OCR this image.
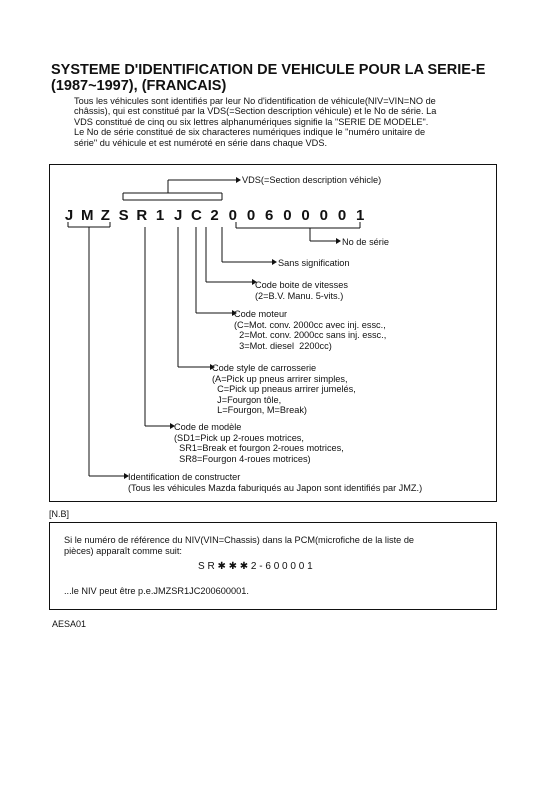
SYSTEME D'IDENTIFICATION DE VEHICULE POUR LA SERIE-E (1987~1997), (FRANCAIS)
Tous les véhicules sont identifiés par leur No d'identification de véhicule(NIV=VIN=NO de
châssis), qui est constitué par la VDS(=Section description véhicule) et le No de série. La
VDS constitué de cinq ou six lettres alphanumériques signifie la "SERIE DE MODELE".
Le No de série constitué de six characteres numériques indique le "numéro unitaire de
série" du véhicule et est numéroté en série dans chaque VDS.
J M Z S R 1 J C 2 0 0 6 0 0 0 0 1
VDS(=Section description véhicle)
No de série
Sans signification
Code boite de vitesses
(2=B.V. Manu. 5-vits.)
Code moteur
(C=Mot. conv. 2000cc avec inj. essc.,
2=Mot. conv. 2000cc sans inj. essc.,
3=Mot. diesel  2200cc)
Code style de carrosserie
(A=Pick up pneus arrirer simples,
C=Pick up pneaus arrirer jumelés,
J=Fourgon tôle,
L=Fourgon, M=Break)
Code de modèle
(SD1=Pick up 2-roues motrices,
SR1=Break et fourgon 2-roues motrices,
SR8=Fourgon 4-roues motrices)
Identification de constructer
(Tous les véhicules Mazda faburiqués au Japon sont identifiés par JMZ.)
[N.B]
Si le numéro de référence du NIV(VIN=Chassis) dans la PCM(microfiche de la liste de
pièces) apparaît comme suit:
S R ✱ ✱ ✱ 2 - 6 0 0 0 0 1
...le NIV peut être p.e.JMZSR1JC200600001.
AESA01
